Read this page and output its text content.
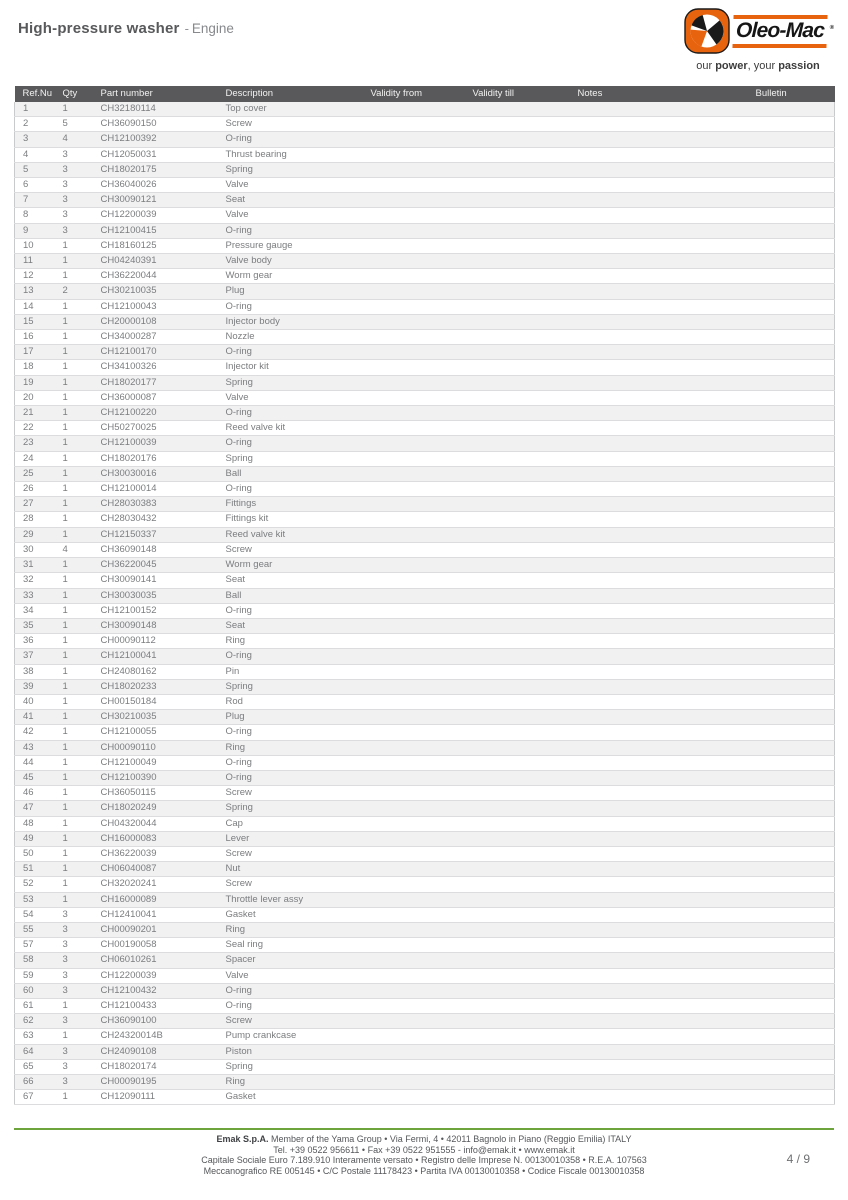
High-pressure washer - Engine	Oleo-Mac ®
our power, your passion
Ref.Nu	Qty	Part number	Description	Validity from	Validity till	Notes	Bulletin
1	1	CH32180114	Top cover				
2	5	CH36090150	Screw				
3	4	CH12100392	O-ring				
4	3	CH12050031	Thrust bearing				
5	3	CH18020175	Spring				
6	3	CH36040026	Valve				
7	3	CH30090121	Seat				
8	3	CH12200039	Valve				
9	3	CH12100415	O-ring				
10	1	CH18160125	Pressure gauge				
11	1	CH04240391	Valve body				
12	1	CH36220044	Worm gear				
13	2	CH30210035	Plug				
14	1	CH12100043	O-ring				
15	1	CH20000108	Injector body				
16	1	CH34000287	Nozzle				
17	1	CH12100170	O-ring				
18	1	CH34100326	Injector kit				
19	1	CH18020177	Spring				
20	1	CH36000087	Valve				
21	1	CH12100220	O-ring				
22	1	CH50270025	Reed valve kit				
23	1	CH12100039	O-ring				
24	1	CH18020176	Spring				
25	1	CH30030016	Ball				
26	1	CH12100014	O-ring				
27	1	CH28030383	Fittings				
28	1	CH28030432	Fittings kit				
29	1	CH12150337	Reed valve kit				
30	4	CH36090148	Screw				
31	1	CH36220045	Worm gear				
32	1	CH30090141	Seat				
33	1	CH30030035	Ball				
34	1	CH12100152	O-ring				
35	1	CH30090148	Seat				
36	1	CH00090112	Ring				
37	1	CH12100041	O-ring				
38	1	CH24080162	Pin				
39	1	CH18020233	Spring				
40	1	CH00150184	Rod				
41	1	CH30210035	Plug				
42	1	CH12100055	O-ring				
43	1	CH00090110	Ring				
44	1	CH12100049	O-ring				
45	1	CH12100390	O-ring				
46	1	CH36050115	Screw				
47	1	CH18020249	Spring				
48	1	CH04320044	Cap				
49	1	CH16000083	Lever				
50	1	CH36220039	Screw				
51	1	CH06040087	Nut				
52	1	CH32020241	Screw				
53	1	CH16000089	Throttle lever assy				
54	3	CH12410041	Gasket				
55	3	CH00090201	Ring				
57	3	CH00190058	Seal ring				
58	3	CH06010261	Spacer				
59	3	CH12200039	Valve				
60	3	CH12100432	O-ring				
61	1	CH12100433	O-ring				
62	3	CH36090100	Screw				
63	1	CH24320014B	Pump crankcase				
64	3	CH24090108	Piston				
65	3	CH18020174	Spring				
66	3	CH00090195	Ring				
67	1	CH12090111	Gasket				
Emak S.p.A. Member of the Yama Group • Via Fermi, 4 • 42011 Bagnolo in Piano (Reggio Emilia) ITALY
Tel. +39 0522 956611 • Fax +39 0522 951555 - info@emak.it • www.emak.it
Capitale Sociale Euro 7.189.910 Interamente versato • Registro delle Imprese N. 00130010358 • R.E.A. 107563
Meccanografico RE 005145 • C/C Postale 11178423 • Partita IVA 00130010358 • Codice Fiscale 00130010358
4 / 9
